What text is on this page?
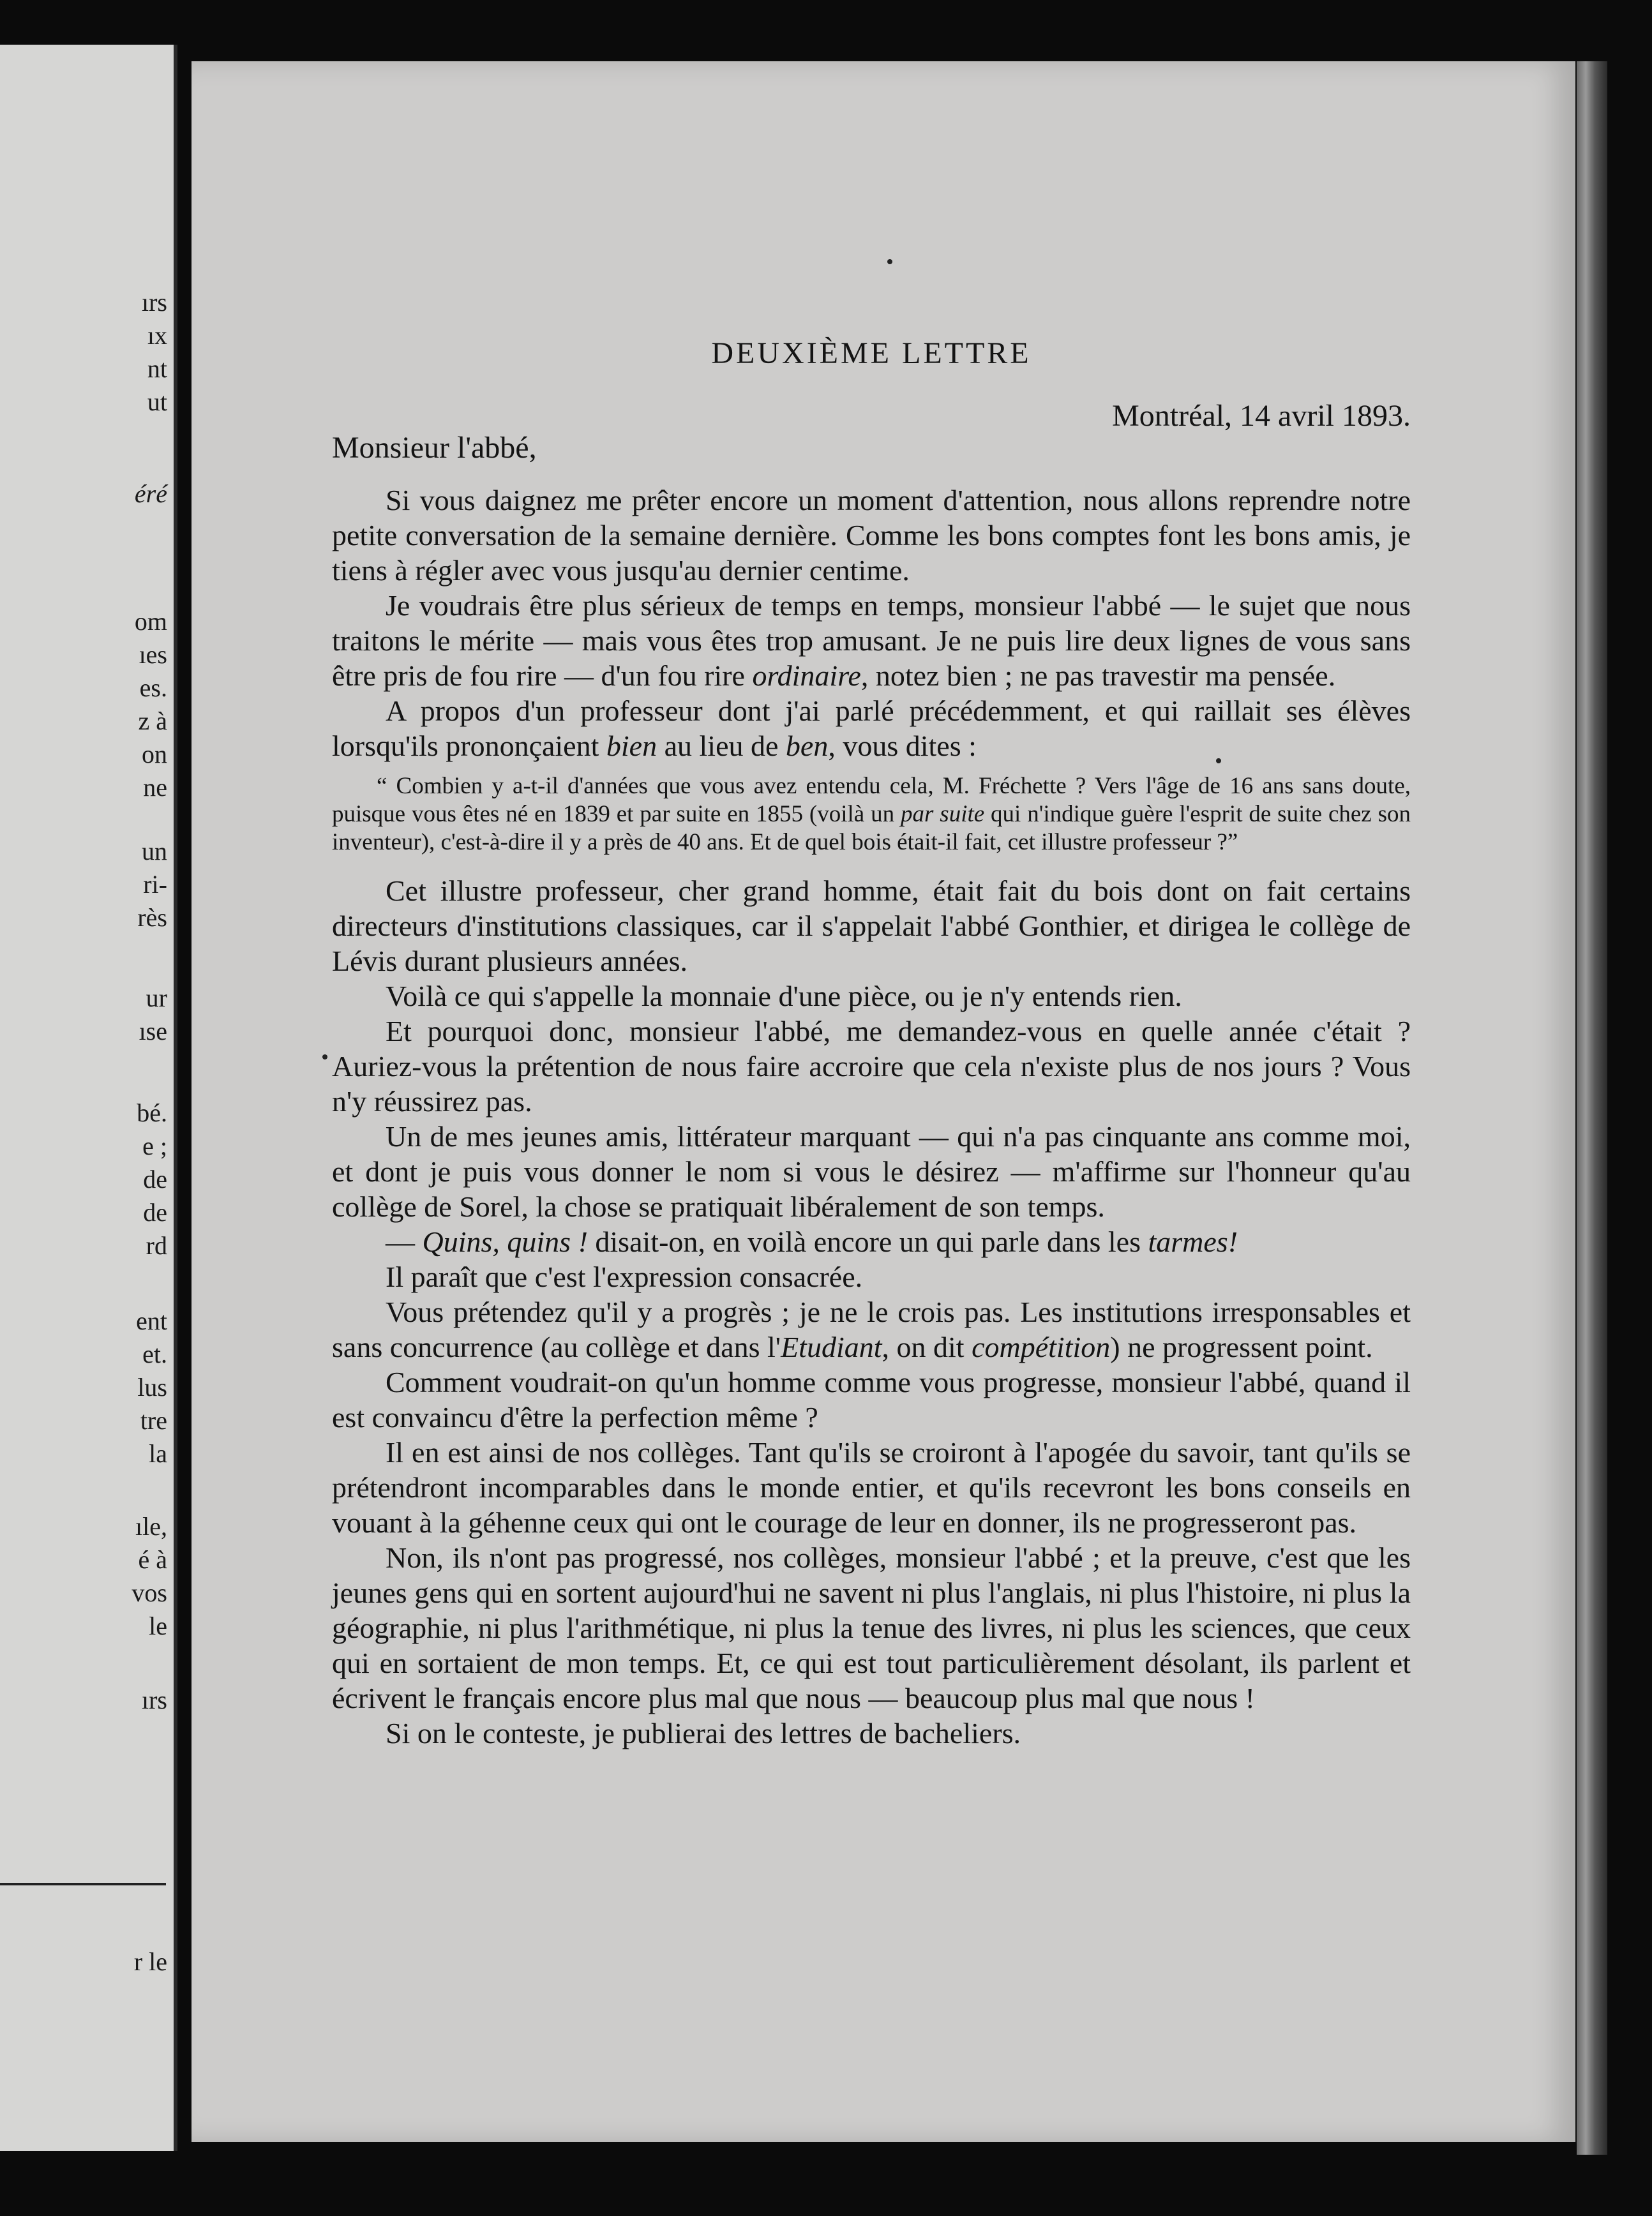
ırs
ıx
nt
ut
éré
om
ıes
es.
z à
on
ne
un
ri-
rès
ur
ıse
bé.
e ;
de
de
rd
ent
et.
lus
tre
la
ıle,
é à
vos
le
ırs
r le
DEUXIÈME LETTRE
Montréal, 14 avril 1893.
Monsieur l'abbé,

Si vous daignez me prêter encore un moment d'attention, nous allons reprendre notre petite conversation de la semaine dernière. Comme les bons comptes font les bons amis, je tiens à régler avec vous jusqu'au dernier centime.

Je voudrais être plus sérieux de temps en temps, monsieur l'abbé — le sujet que nous traitons le mérite — mais vous êtes trop amusant. Je ne puis lire deux lignes de vous sans être pris de fou rire — d'un fou rire ordinaire, notez bien ; ne pas travestir ma pensée.

A propos d'un professeur dont j'ai parlé précédemment, et qui raillait ses élèves lorsqu'ils prononçaient bien au lieu de ben, vous dites :

“ Combien y a-t-il d'années que vous avez entendu cela, M. Fréchette ? Vers l'âge de 16 ans sans doute, puisque vous êtes né en 1839 et par suite en 1855 (voilà un par suite qui n'indique guère l'esprit de suite chez son inventeur), c'est-à-dire il y a près de 40 ans. Et de quel bois était-il fait, cet illustre professeur ?”

Cet illustre professeur, cher grand homme, était fait du bois dont on fait certains directeurs d'institutions classiques, car il s'appelait l'abbé Gonthier, et dirigea le collège de Lévis durant plusieurs années.

Voilà ce qui s'appelle la monnaie d'une pièce, ou je n'y entends rien.

Et pourquoi donc, monsieur l'abbé, me demandez-vous en quelle année c'était ? Auriez-vous la prétention de nous faire accroire que cela n'existe plus de nos jours ? Vous n'y réussirez pas.

Un de mes jeunes amis, littérateur marquant — qui n'a pas cinquante ans comme moi, et dont je puis vous donner le nom si vous le désirez — m'affirme sur l'honneur qu'au collège de Sorel, la chose se pratiquait libéralement de son temps.

— Quins, quins ! disait-on, en voilà encore un qui parle dans les tarmes!

Il paraît que c'est l'expression consacrée.

Vous prétendez qu'il y a progrès ; je ne le crois pas. Les institutions irresponsables et sans concurrence (au collège et dans l'Etudiant, on dit compétition) ne progressent point.

Comment voudrait-on qu'un homme comme vous progresse, monsieur l'abbé, quand il est convaincu d'être la perfection même ?

Il en est ainsi de nos collèges. Tant qu'ils se croiront à l'apogée du savoir, tant qu'ils se prétendront incomparables dans le monde entier, et qu'ils recevront les bons conseils en vouant à la géhenne ceux qui ont le courage de leur en donner, ils ne progresseront pas.

Non, ils n'ont pas progressé, nos collèges, monsieur l'abbé ; et la preuve, c'est que les jeunes gens qui en sortent aujourd'hui ne savent ni plus l'anglais, ni plus l'histoire, ni plus la géographie, ni plus l'arithmétique, ni plus la tenue des livres, ni plus les sciences, que ceux qui en sortaient de mon temps. Et, ce qui est tout particulièrement désolant, ils parlent et écrivent le français encore plus mal que nous — beaucoup plus mal que nous !

Si on le conteste, je publierai des lettres de bacheliers.
